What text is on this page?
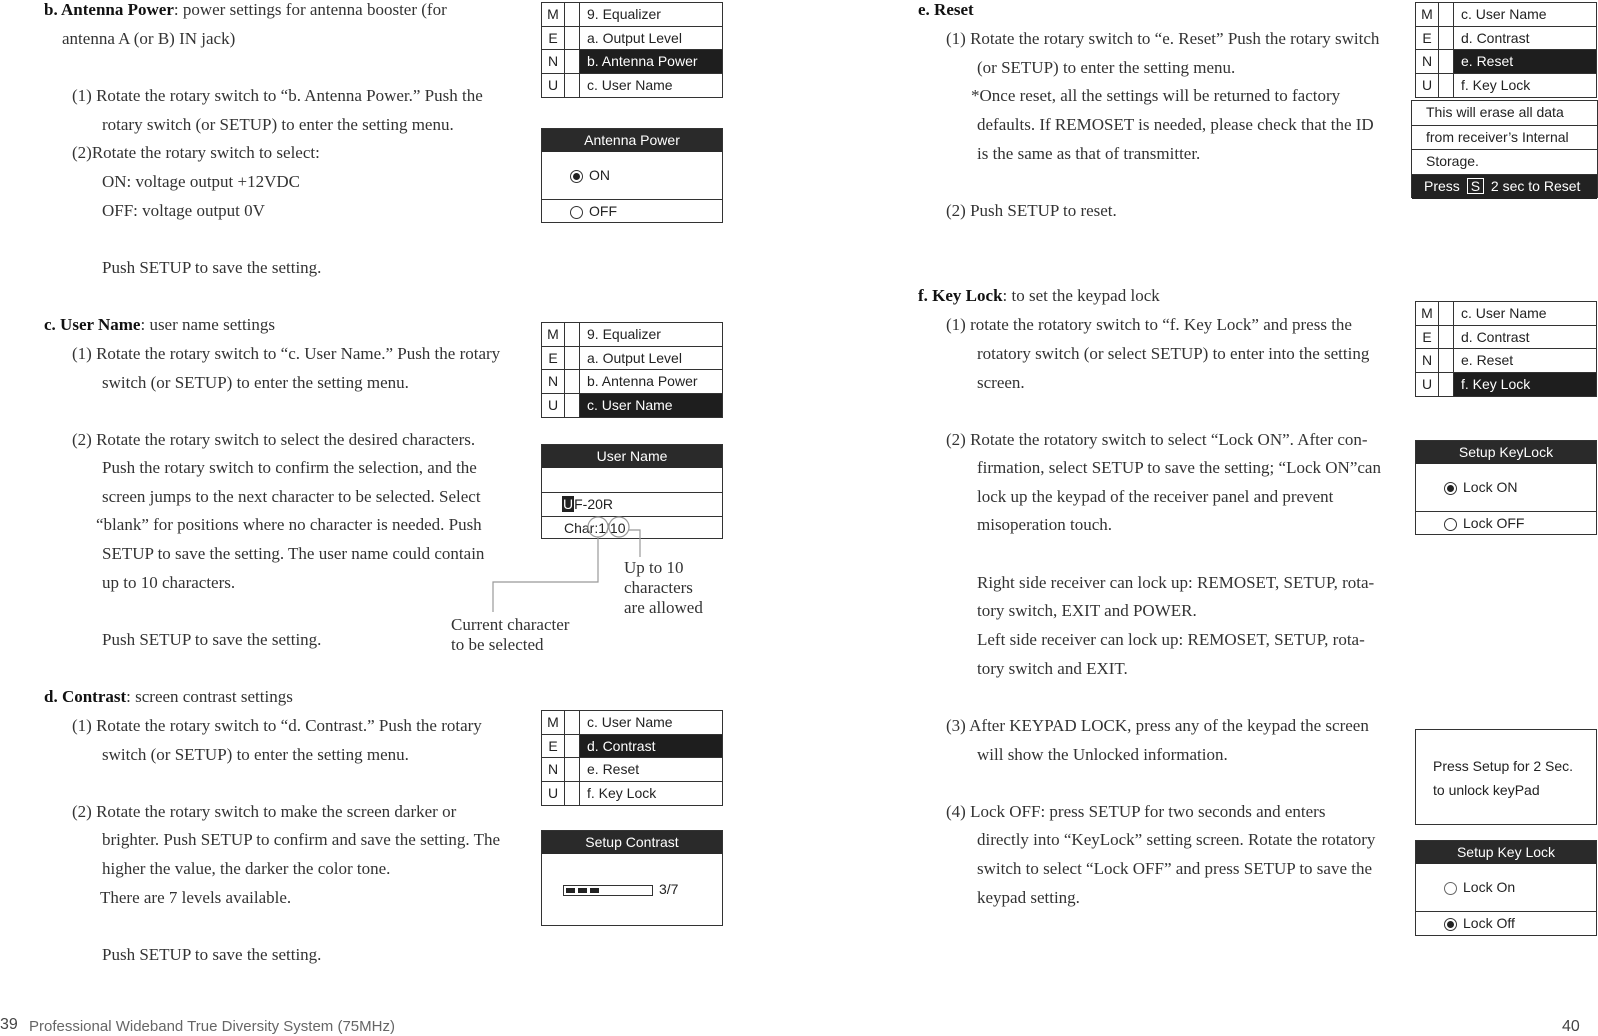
b. Antenna Power: power settings for antenna booster (for
antenna A (or B) IN jack)
(1) Rotate the rotary switch to “b. Antenna Power.” Push the
rotary switch (or SETUP) to enter the setting menu.
(2)Rotate the rotary switch to select:
ON: voltage output +12VDC
OFF: voltage output 0V
Push SETUP to save the setting.
c. User Name: user name settings
(1) Rotate the rotary switch to “c. User Name.” Push the rotary
switch (or SETUP) to enter the setting menu.
(2) Rotate the rotary switch to select the desired characters.
Push the rotary switch to confirm the selection, and the
screen jumps to the next character to be selected. Select
“blank” for positions where no character is needed. Push
SETUP to save the setting. The user name could contain
up to 10 characters.
Push SETUP to save the setting.
d. Contrast: screen contrast settings
(1) Rotate the rotary switch to “d. Contrast.” Push the rotary
switch (or SETUP) to enter the setting menu.
(2) Rotate the rotary switch to make the screen darker or
brighter. Push SETUP to confirm and save the setting. The
higher the value, the darker the color tone.
There are 7 levels available.
Push SETUP to save the setting.
M	9. Equalizer
E	a. Output Level
N	b. Antenna Power
U	c. User Name
Antenna Power
ON
OFF
M	9. Equalizer
E	a. Output Level
N	b. Antenna Power
U	c. User Name
User Name
UF-20R
Char:1/10
Up to 10
characters
are allowed
Current character
to be selected
M	c. User Name
E	d. Contrast
N	e. Reset
U	f. Key Lock
Setup Contrast
3/7
e. Reset
(1) Rotate the rotary switch to “e. Reset” Push the rotary switch
(or SETUP) to enter the setting menu.
*Once reset, all the settings will be returned to factory
defaults. If REMOSET is needed, please check that the ID
is the same as that of transmitter.
(2) Push SETUP to reset.
f. Key Lock: to set the keypad lock
(1) rotate the rotatory switch to “f. Key Lock” and press the
rotatory switch (or select SETUP) to enter into the setting
screen.
(2) Rotate the rotatory switch to select “Lock ON”. After con-
firmation, select SETUP to save the setting; “Lock ON”can
lock up the keypad of the receiver panel and prevent
misoperation touch.
Right side receiver can lock up: REMOSET, SETUP, rota-
tory switch, EXIT and POWER.
Left side receiver can lock up: REMOSET, SETUP, rota-
tory switch and EXIT.
(3) After KEYPAD LOCK, press any of the keypad the screen
will show the Unlocked information.
(4) Lock OFF: press SETUP for two seconds and enters
directly into “KeyLock” setting screen. Rotate the rotatory
switch to select “Lock OFF” and press SETUP to save the
keypad setting.
M	c. User Name
E	d. Contrast
N	e. Reset
U	f. Key Lock
This will erase all data
from receiver’s Internal
Storage.
Press S 2 sec to Reset
M	c. User Name
E	d. Contrast
N	e. Reset
U	f. Key Lock
Setup KeyLock
Lock ON
Lock OFF
Press Setup for 2 Sec.
to unlock keyPad
Setup Key Lock
Lock On
Lock Off
39 Professional Wideband True Diversity System (75MHz)	40
